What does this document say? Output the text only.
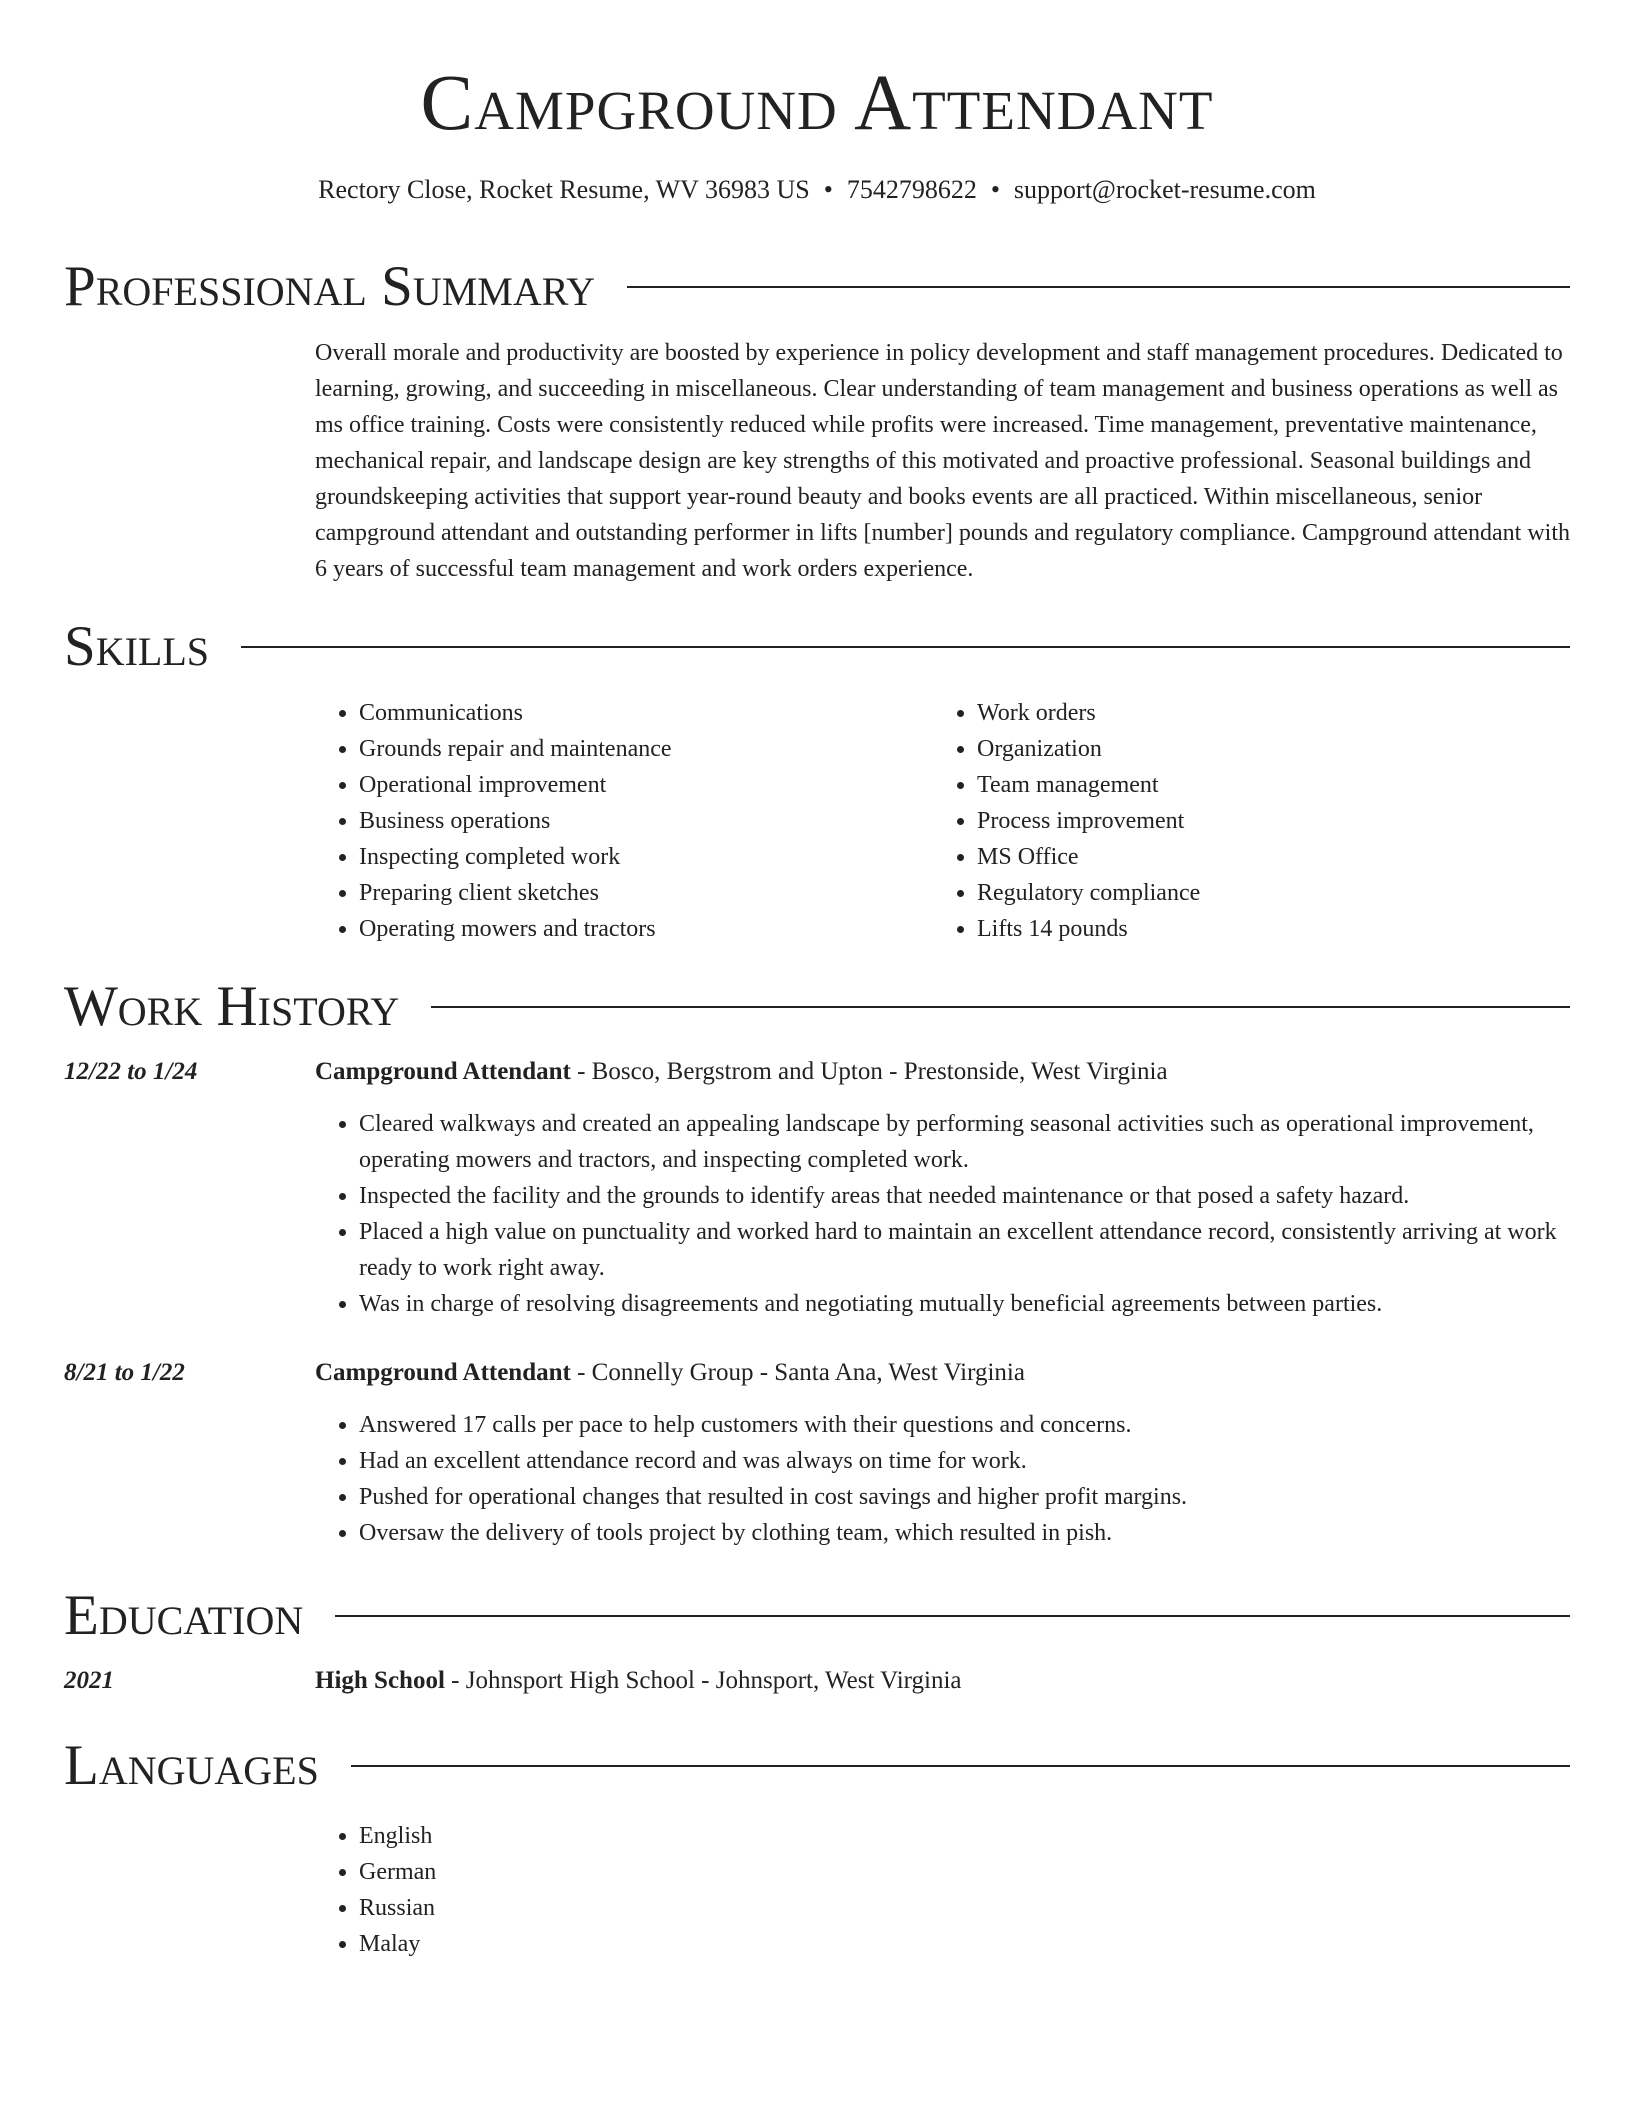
Campground Attendant
Rectory Close, Rocket Resume, WV 36983 US • 7542798622 • support@rocket-resume.com
Professional Summary

Overall morale and productivity are boosted by experience in policy development and staff management procedures. Dedicated to learning, growing, and succeeding in miscellaneous. Clear understanding of team management and business operations as well as ms office training. Costs were consistently reduced while profits were increased. Time management, preventative maintenance, mechanical repair, and landscape design are key strengths of this motivated and proactive professional. Seasonal buildings and groundskeeping activities that support year-round beauty and books events are all practiced. Within miscellaneous, senior campground attendant and outstanding performer in lifts [number] pounds and regulatory compliance. Campground attendant with 6 years of successful team management and work orders experience.

Skills
• Communications
• Grounds repair and maintenance
• Operational improvement
• Business operations
• Inspecting completed work
• Preparing client sketches
• Operating mowers and tractors
• Work orders
• Organization
• Team management
• Process improvement
• MS Office
• Regulatory compliance
• Lifts 14 pounds
Work History
12/22 to 1/24	Campground Attendant - Bosco, Bergstrom and Upton - Prestonside, West Virginia
• Cleared walkways and created an appealing landscape by performing seasonal activities such as operational improvement, operating mowers and tractors, and inspecting completed work.
• Inspected the facility and the grounds to identify areas that needed maintenance or that posed a safety hazard.
• Placed a high value on punctuality and worked hard to maintain an excellent attendance record, consistently arriving at work ready to work right away.
• Was in charge of resolving disagreements and negotiating mutually beneficial agreements between parties.
8/21 to 1/22	Campground Attendant - Connelly Group - Santa Ana, West Virginia
• Answered 17 calls per pace to help customers with their questions and concerns.
• Had an excellent attendance record and was always on time for work.
• Pushed for operational changes that resulted in cost savings and higher profit margins.
• Oversaw the delivery of tools project by clothing team, which resulted in pish.
Education
2021	High School - Johnsport High School - Johnsport, West Virginia
Languages
• English
• German
• Russian
• Malay
